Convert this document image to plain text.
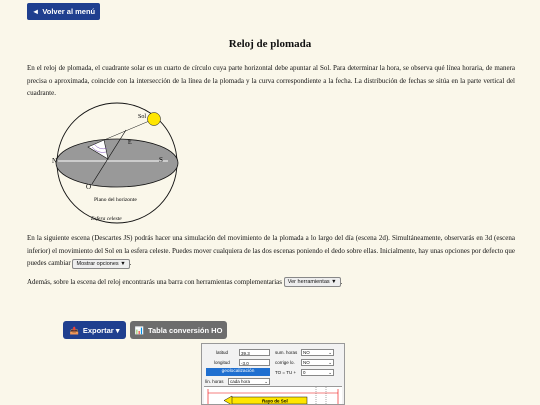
◄ Volver al menú
Reloj de plomada

En el reloj de plomada, el cuadrante solar es un cuarto de círculo cuya parte horizontal debe apuntar al Sol. Para determinar la hora, se observa qué línea horaria, de manera precisa o aproximada, coincide con la intersección de la línea de la plomada y la curva correspondiente a la fecha. La distribución de fechas se sitúa en la parte vertical del cuadrante.

Sol
E
N	S
O
Plano del horizonte
Esfera celeste

En la siguiente escena (Descartes JS) podrás hacer una simulación del movimiento de la plomada a lo largo del día (escena 2d). Simultáneamente, observarás en 3d (escena inferior) el movimiento del Sol en la esfera celeste. Puedes mover cualquiera de las dos escenas poniendo el dedo sobre ellas. Inicialmente, hay unas opciones por defecto que puedes cambiar Mostrar opciones ▼ .

Además, sobre la escena del reloj encontrarás una barra con herramientas complementarias Ver herramientas ▼ .

📤 Exportar ▾ 📊 Tabla conversión HO
latitud	39.3
longitud	-3.0
geolocalización
lín. horas	cada hora	⌄
sum. horas	NO	⌄
corrige lo.	NO	⌄
TO = TU +	0	⌄
Rayo de Sol
